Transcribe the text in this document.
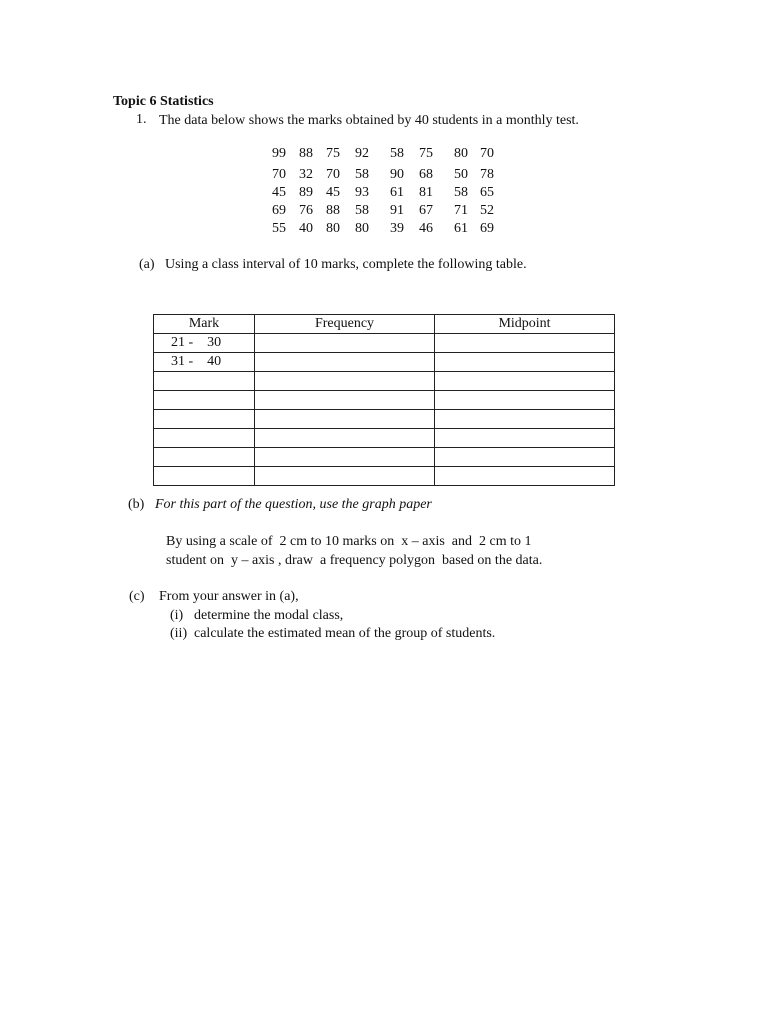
Topic 6 Statistics
1. The data below shows the marks obtained by 40 students in a monthly test.
99 88 75 92 58 75 80 70
70 32 70 58 90 68 50 78
45 89 45 93 61 81 58 65
69 76 88 58 91 67 71 52
55 40 80 80 39 46 61 69
(a) Using a class interval of 10 marks, complete the following table.
Mark	Frequency	Midpoint
21 -    30		
31 -    40		

(b) For this part of the question, use the graph paper
By using a scale of  2 cm to 10 marks on  x – axis  and  2 cm to 1
student on  y – axis , draw  a frequency polygon  based on the data.
(c) From your answer in (a),
(i) determine the modal class,
(ii) calculate the estimated mean of the group of students.
